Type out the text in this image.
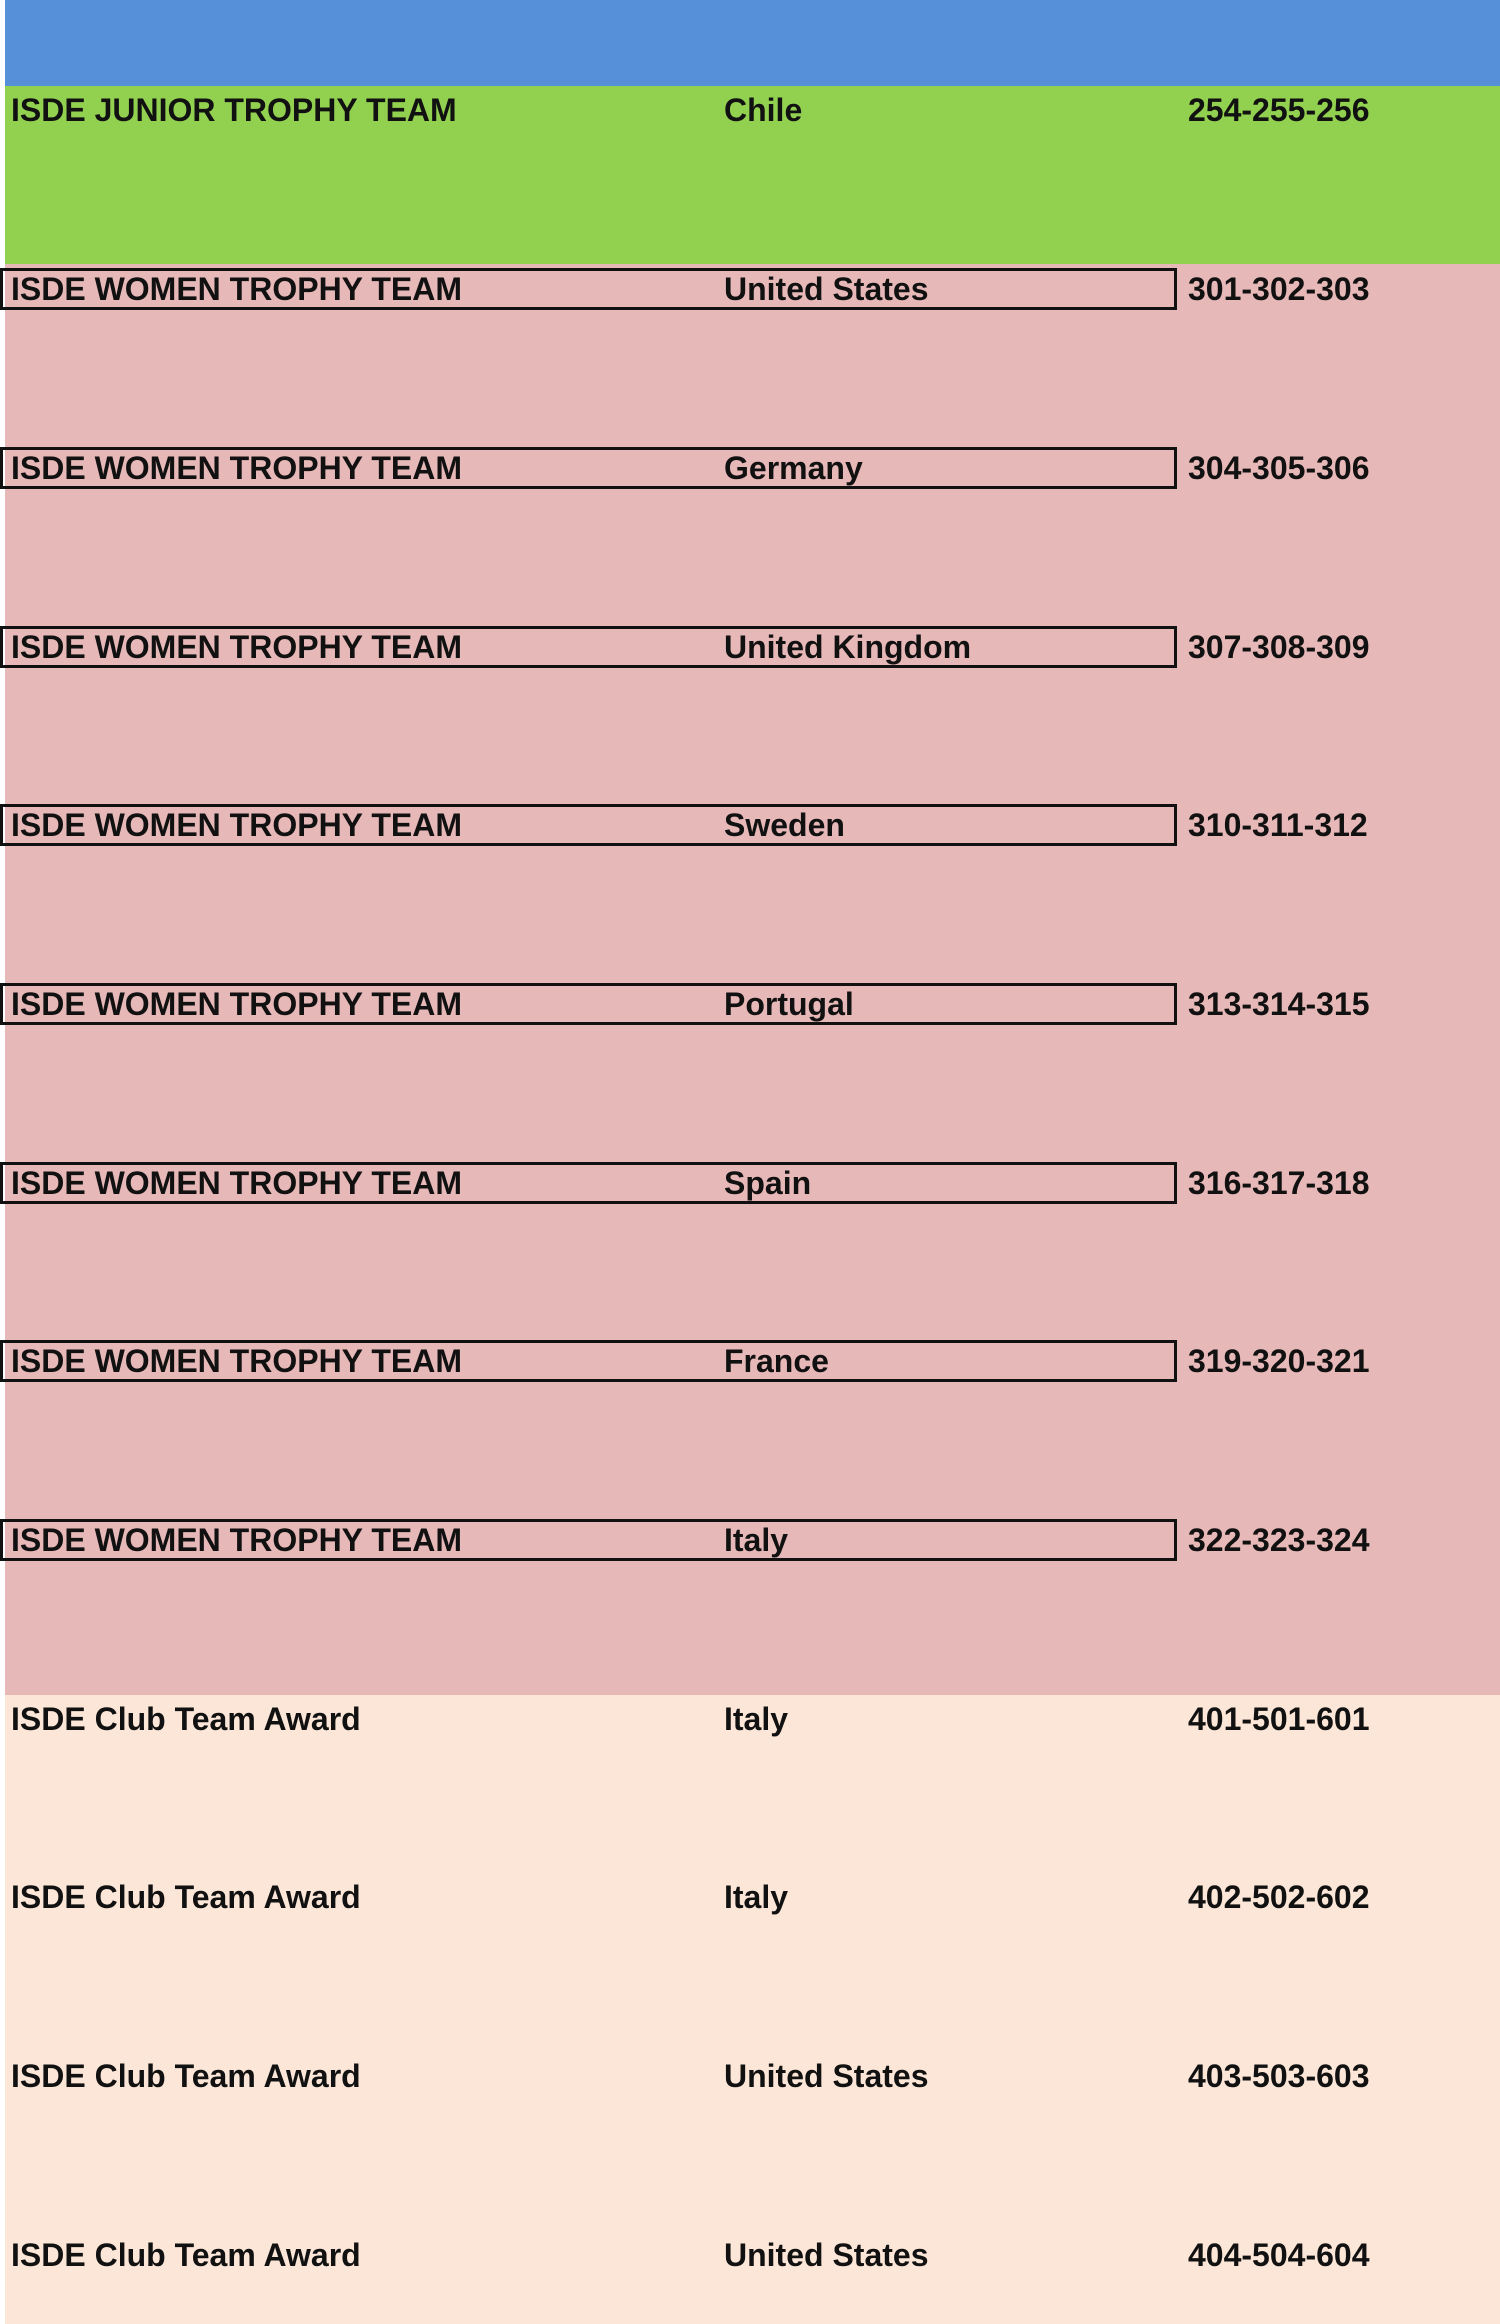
ISDE JUNIOR TROPHY TEAM	Chile	254-255-256
ISDE WOMEN TROPHY TEAM	United States	301-302-303
ISDE WOMEN TROPHY TEAM	Germany	304-305-306
ISDE WOMEN TROPHY TEAM	United Kingdom	307-308-309
ISDE WOMEN TROPHY TEAM	Sweden	310-311-312
ISDE WOMEN TROPHY TEAM	Portugal	313-314-315
ISDE WOMEN TROPHY TEAM	Spain	316-317-318
ISDE WOMEN TROPHY TEAM	France	319-320-321
ISDE WOMEN TROPHY TEAM	Italy	322-323-324
ISDE Club Team Award	Italy	401-501-601
ISDE Club Team Award	Italy	402-502-602
ISDE Club Team Award	United States	403-503-603
ISDE Club Team Award	United States	404-504-604
